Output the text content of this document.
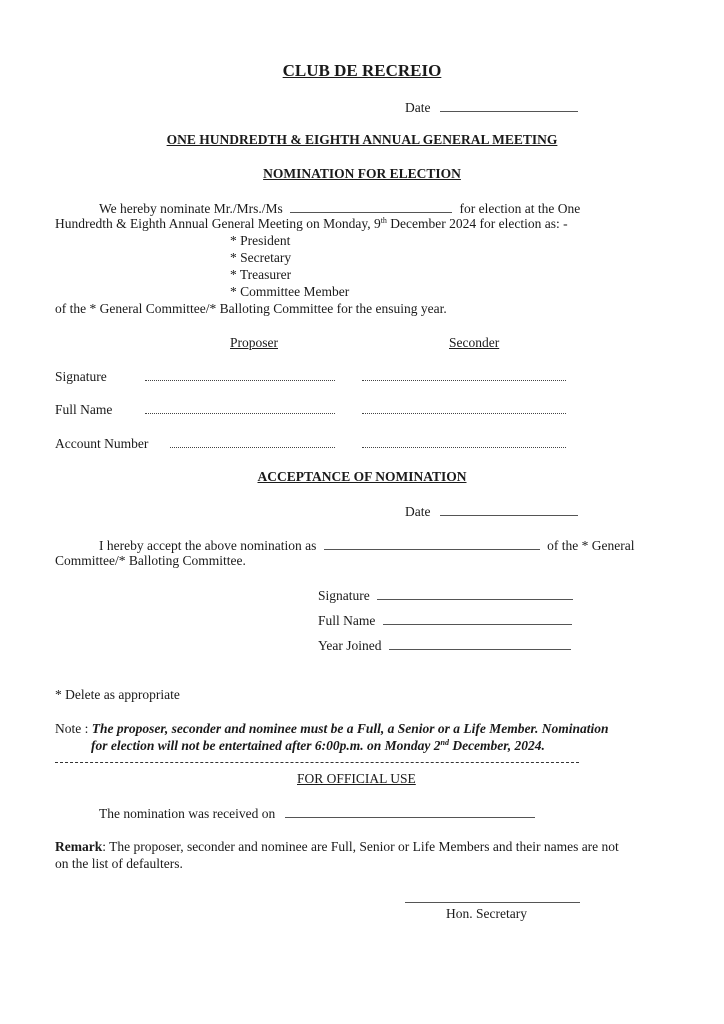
CLUB DE RECREIO
Date
ONE HUNDREDTH & EIGHTH ANNUAL GENERAL MEETING
NOMINATION FOR ELECTION
We hereby nominate Mr./Mrs./Ms	for election at the One
Hundredth & Eighth Annual General Meeting on Monday, 9th December 2024 for election as: -
* President
* Secretary
* Treasurer
* Committee Member
of the * General Committee/* Balloting Committee for the ensuing year.
Proposer	Seconder
Signature
Full Name
Account Number
ACCEPTANCE OF NOMINATION
Date
I hereby accept the above nomination as	of the * General
Committee/* Balloting Committee.
Signature
Full Name
Year Joined
* Delete as appropriate
Note : The proposer, seconder and nominee must be a Full, a Senior or a Life Member. Nomination
for election will not be entertained after 6:00p.m. on Monday 2nd December, 2024.
FOR OFFICIAL USE
The nomination was received on
Remark: The proposer, seconder and nominee are Full, Senior or Life Members and their names are not
on the list of defaulters.
Hon. Secretary
